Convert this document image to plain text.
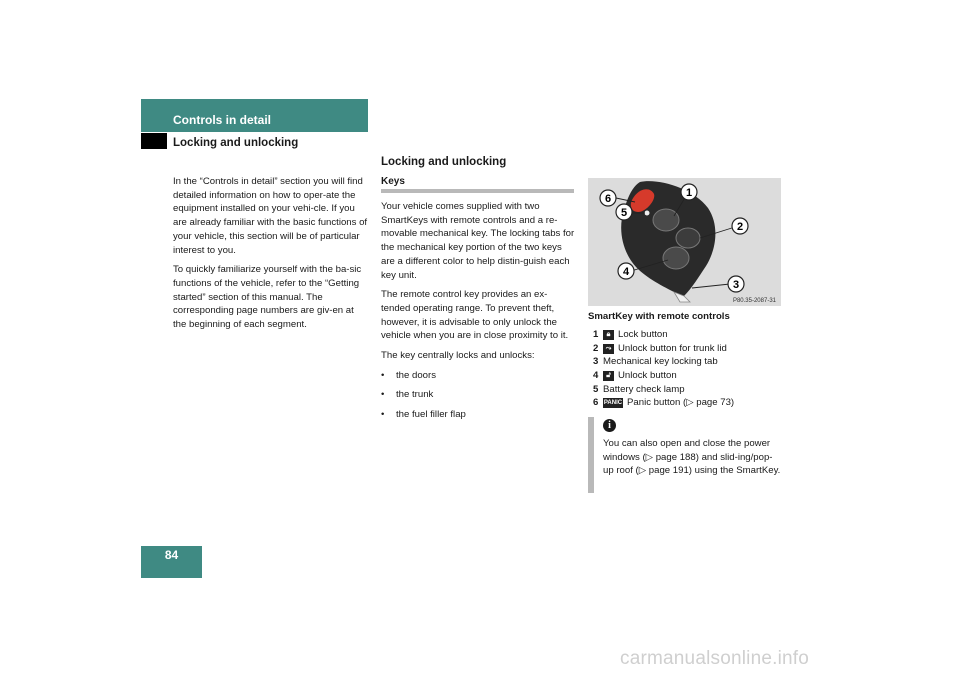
Controls in detail
Locking and unlocking

In the “Controls in detail” section you will find detailed information on how to oper-ate the equipment installed on your vehi-cle. If you are already familiar with the basic functions of your vehicle, this section will be of particular interest to you.

To quickly familiarize yourself with the ba-sic functions of the vehicle, refer to the “Getting started” section of this manual. The corresponding page numbers are giv-en at the beginning of each segment.

Locking and unlocking
Keys

Your vehicle comes supplied with two SmartKeys with remote controls and a re-movable mechanical key. The locking tabs for the mechanical key portion of the two keys are a different color to help distin-guish each key unit.

The remote control key provides an ex-tended operating range. To prevent theft, however, it is advisable to only unlock the vehicle when you are in close proximity to it.

The key centrally locks and unlocks:

• the doors
• the trunk
• the fuel filler flap
1
2
3
4
5
6
P80.35-2087-31
SmartKey with remote controls
1	🔒︎ Lock button
2	⤳ Unlock button for trunk lid
3 Mechanical key locking tab
4	🔓︎ Unlock button
5 Battery check lamp
6 PANIC Panic button (▷ page 73)
i
You can also open and close the power windows (▷ page 188) and slid-ing/pop-up roof (▷ page 191) using the SmartKey.
84
carmanualsonline.info
